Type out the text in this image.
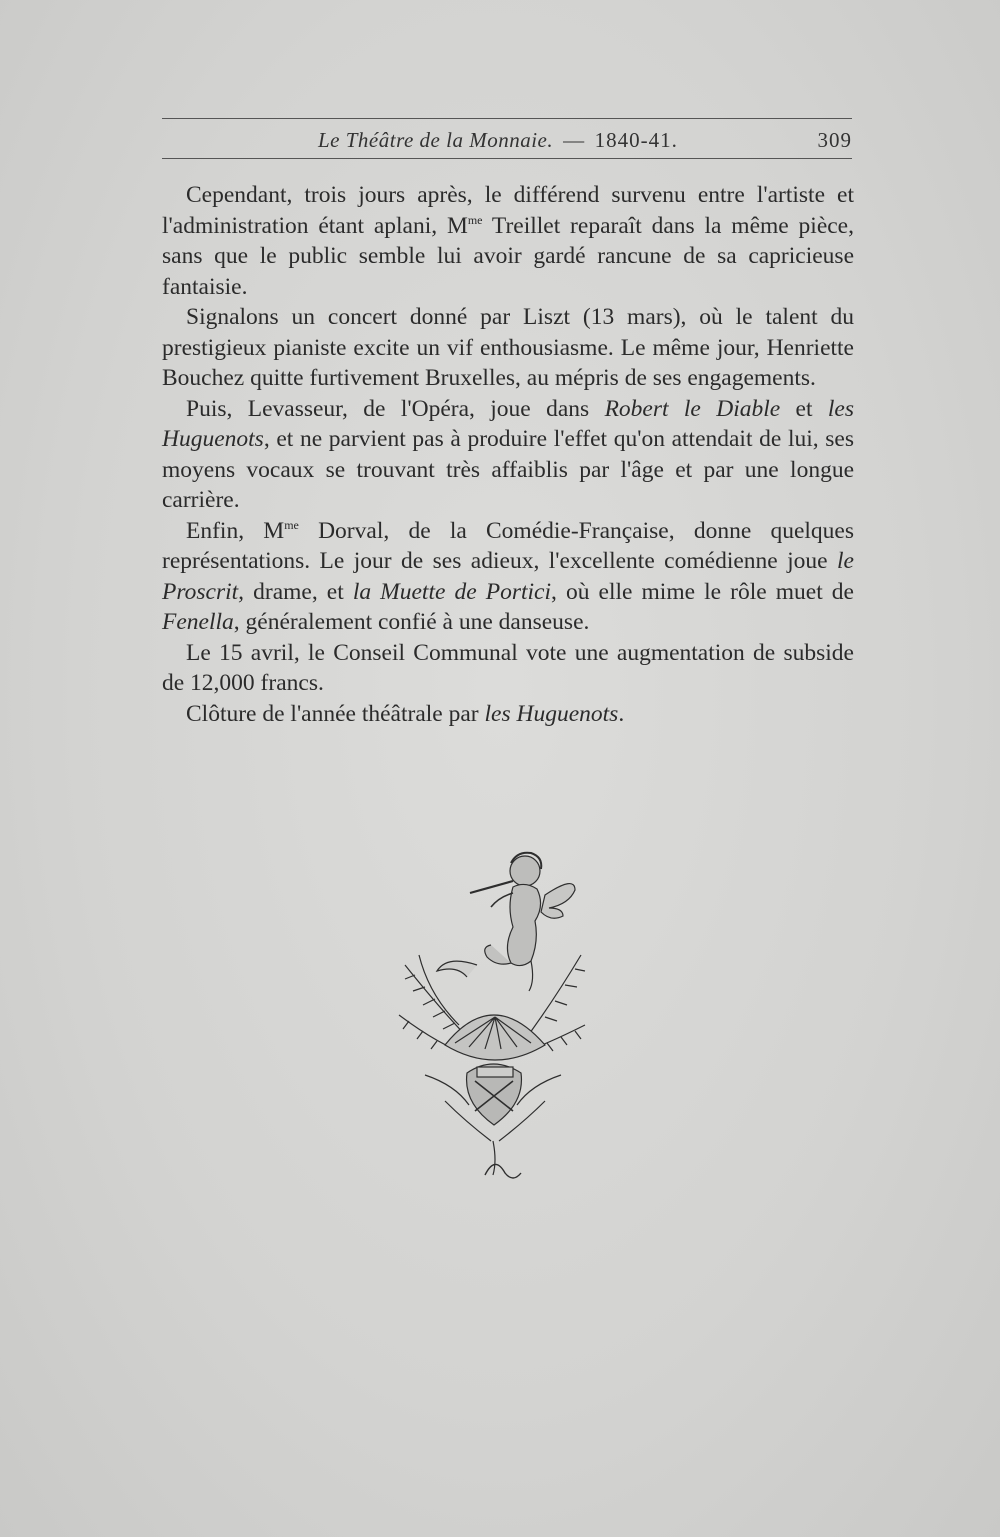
Le Théâtre de la Monnaie. — 1840-41.	309

Cependant, trois jours après, le différend survenu entre l'artiste et l'administration étant aplani, $M^{me}$ Treillet reparaît dans la même pièce, sans que le public semble lui avoir gardé rancune de sa capricieuse fantaisie.

Signalons un concert donné par Liszt (13 mars), où le talent du prestigieux pianiste excite un vif enthousiasme. Le même jour, Henriette Bouchez quitte furtivement Bruxelles, au mépris de ses engagements.

Puis, Levasseur, de l'Opéra, joue dans Robert le Diable et les Huguenots, et ne parvient pas à produire l'effet qu'on attendait de lui, ses moyens vocaux se trouvant très affaiblis par l'âge et par une longue carrière.

Enfin, $M^{me}$ Dorval, de la Comédie-Française, donne quelques représentations. Le jour de ses adieux, l'excellente comédienne joue le Proscrit, drame, et la Muette de Portici, où elle mime le rôle muet de Fenella, généralement confié à une danseuse.

Le 15 avril, le Conseil Communal vote une augmentation de subside de 12,000 francs.

Clôture de l'année théâtrale par les Huguenots.
